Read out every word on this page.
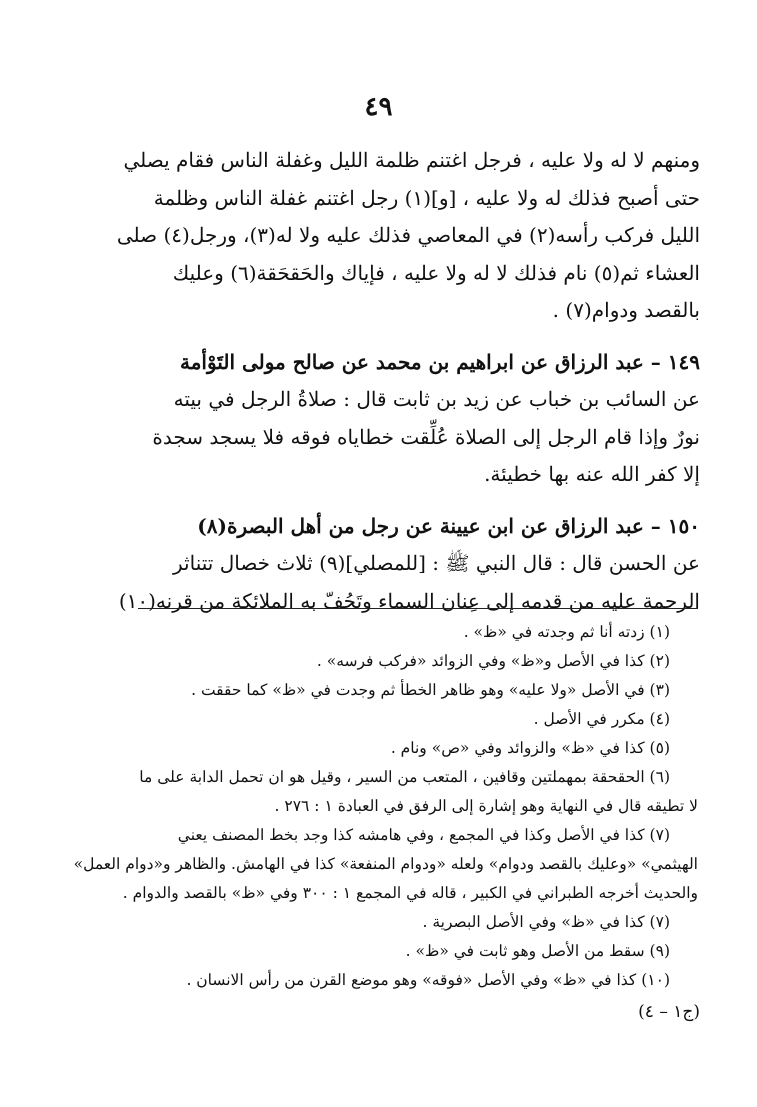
٤٩
ومنهم لا له ولا عليه ، فرجل اغتنم ظلمة الليل وغفلة الناس فقام يصلي
حتى أصبح فذلك له ولا عليه ، [و](١) رجل اغتنم غفلة الناس وظلمة
الليل فركب رأسه(٢) في المعاصي فذلك عليه ولا له(٣)، ورجل(٤) صلى
العشاء ثم(٥) نام فذلك لا له ولا عليه ، فإياك والحَقحَقة(٦) وعليك
بالقصد ودوام(٧) .
١٤٩ – عبد الرزاق عن ابراهيم بن محمد عن صالح مولى التَوْأمة
عن السائب بن خباب عن زيد بن ثابت قال : صلاةُ الرجل في بيته
نورٌ وإذا قام الرجل إلى الصلاة عُلِّقت خطاياه فوقه فلا يسجد سجدة
إلا كفر الله عنه بها خطيئة.
١٥٠ – عبد الرزاق عن ابن عيينة عن رجل من أهل البصرة(٨)
عن الحسن قال : قال النبي ﷺ : [للمصلي](٩) ثلاث خصال تتناثر
الرحمة عليه من قدمه إلى عِنان السماء وتَحُفّ به الملائكة من قرنه(١٠)
(١) زدته أنا ثم وجدته في «ظ» .
(٢) كذا في الأصل و«ظ» وفي الزوائد «فركب فرسه» .
(٣) في الأصل «ولا عليه» وهو ظاهر الخطأ ثم وجدت في «ظ» كما حققت .
(٤) مكرر في الأصل .
(٥) كذا في «ظ» والزوائد وفي «ص» ونام .
(٦) الحقحقة بمهملتين وقافين ، المتعب من السير ، وقيل هو ان تحمل الدابة على ما
لا تطيقه قال في النهاية وهو إشارة إلى الرفق في العبادة ١ : ٢٧٦ .
(٧) كذا في الأصل وكذا في المجمع ، وفي هامشه كذا وجد بخط المصنف يعني
الهيثمي» «وعليك بالقصد ودوام» ولعله «ودوام المنفعة» كذا في الهامش. والظاهر و«دوام العمل»
والحديث أخرجه الطبراني في الكبير ، قاله في المجمع ١ : ٣٠٠ وفي «ظ» بالقصد والدوام .
(٧) كذا في «ظ» وفي الأصل البصرية .
(٩) سقط من الأصل وهو ثابت في «ظ» .
(١٠) كذا في «ظ» وفي الأصل «فوقه» وهو موضع القرن من رأس الانسان .
(ج١ – ٤)
